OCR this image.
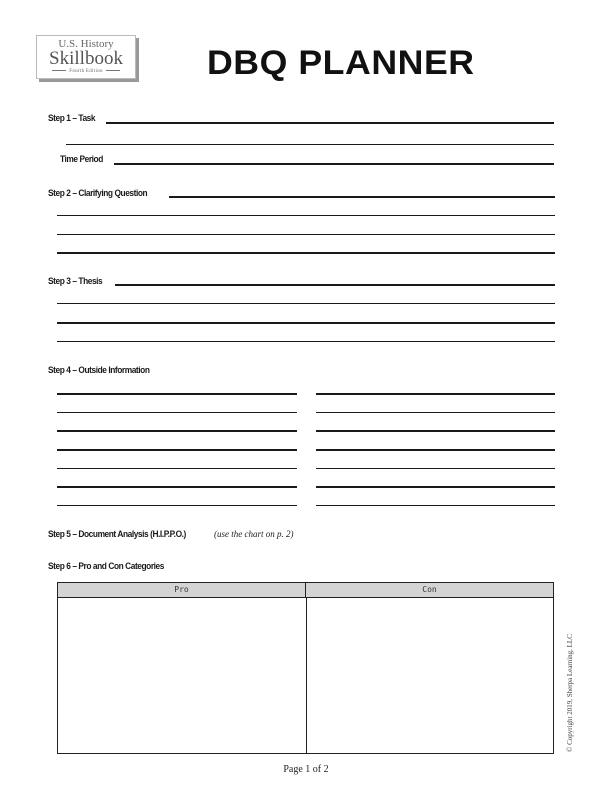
U.S. History
Skillbook
Fourth Edition	DBQ PLANNER
Step 1 – Task
Time Period
Step 2 – Clarifying Question
Step 3 – Thesis
Step 4 – Outside Information
Step 5 – Document Analysis (H.I.P.P.O.)	(use the chart on p. 2)
Step 6 – Pro and Con Categories
Pro	Con
© Copyright 2019, Sherpa Learning, LLC
Page 1 of 2
